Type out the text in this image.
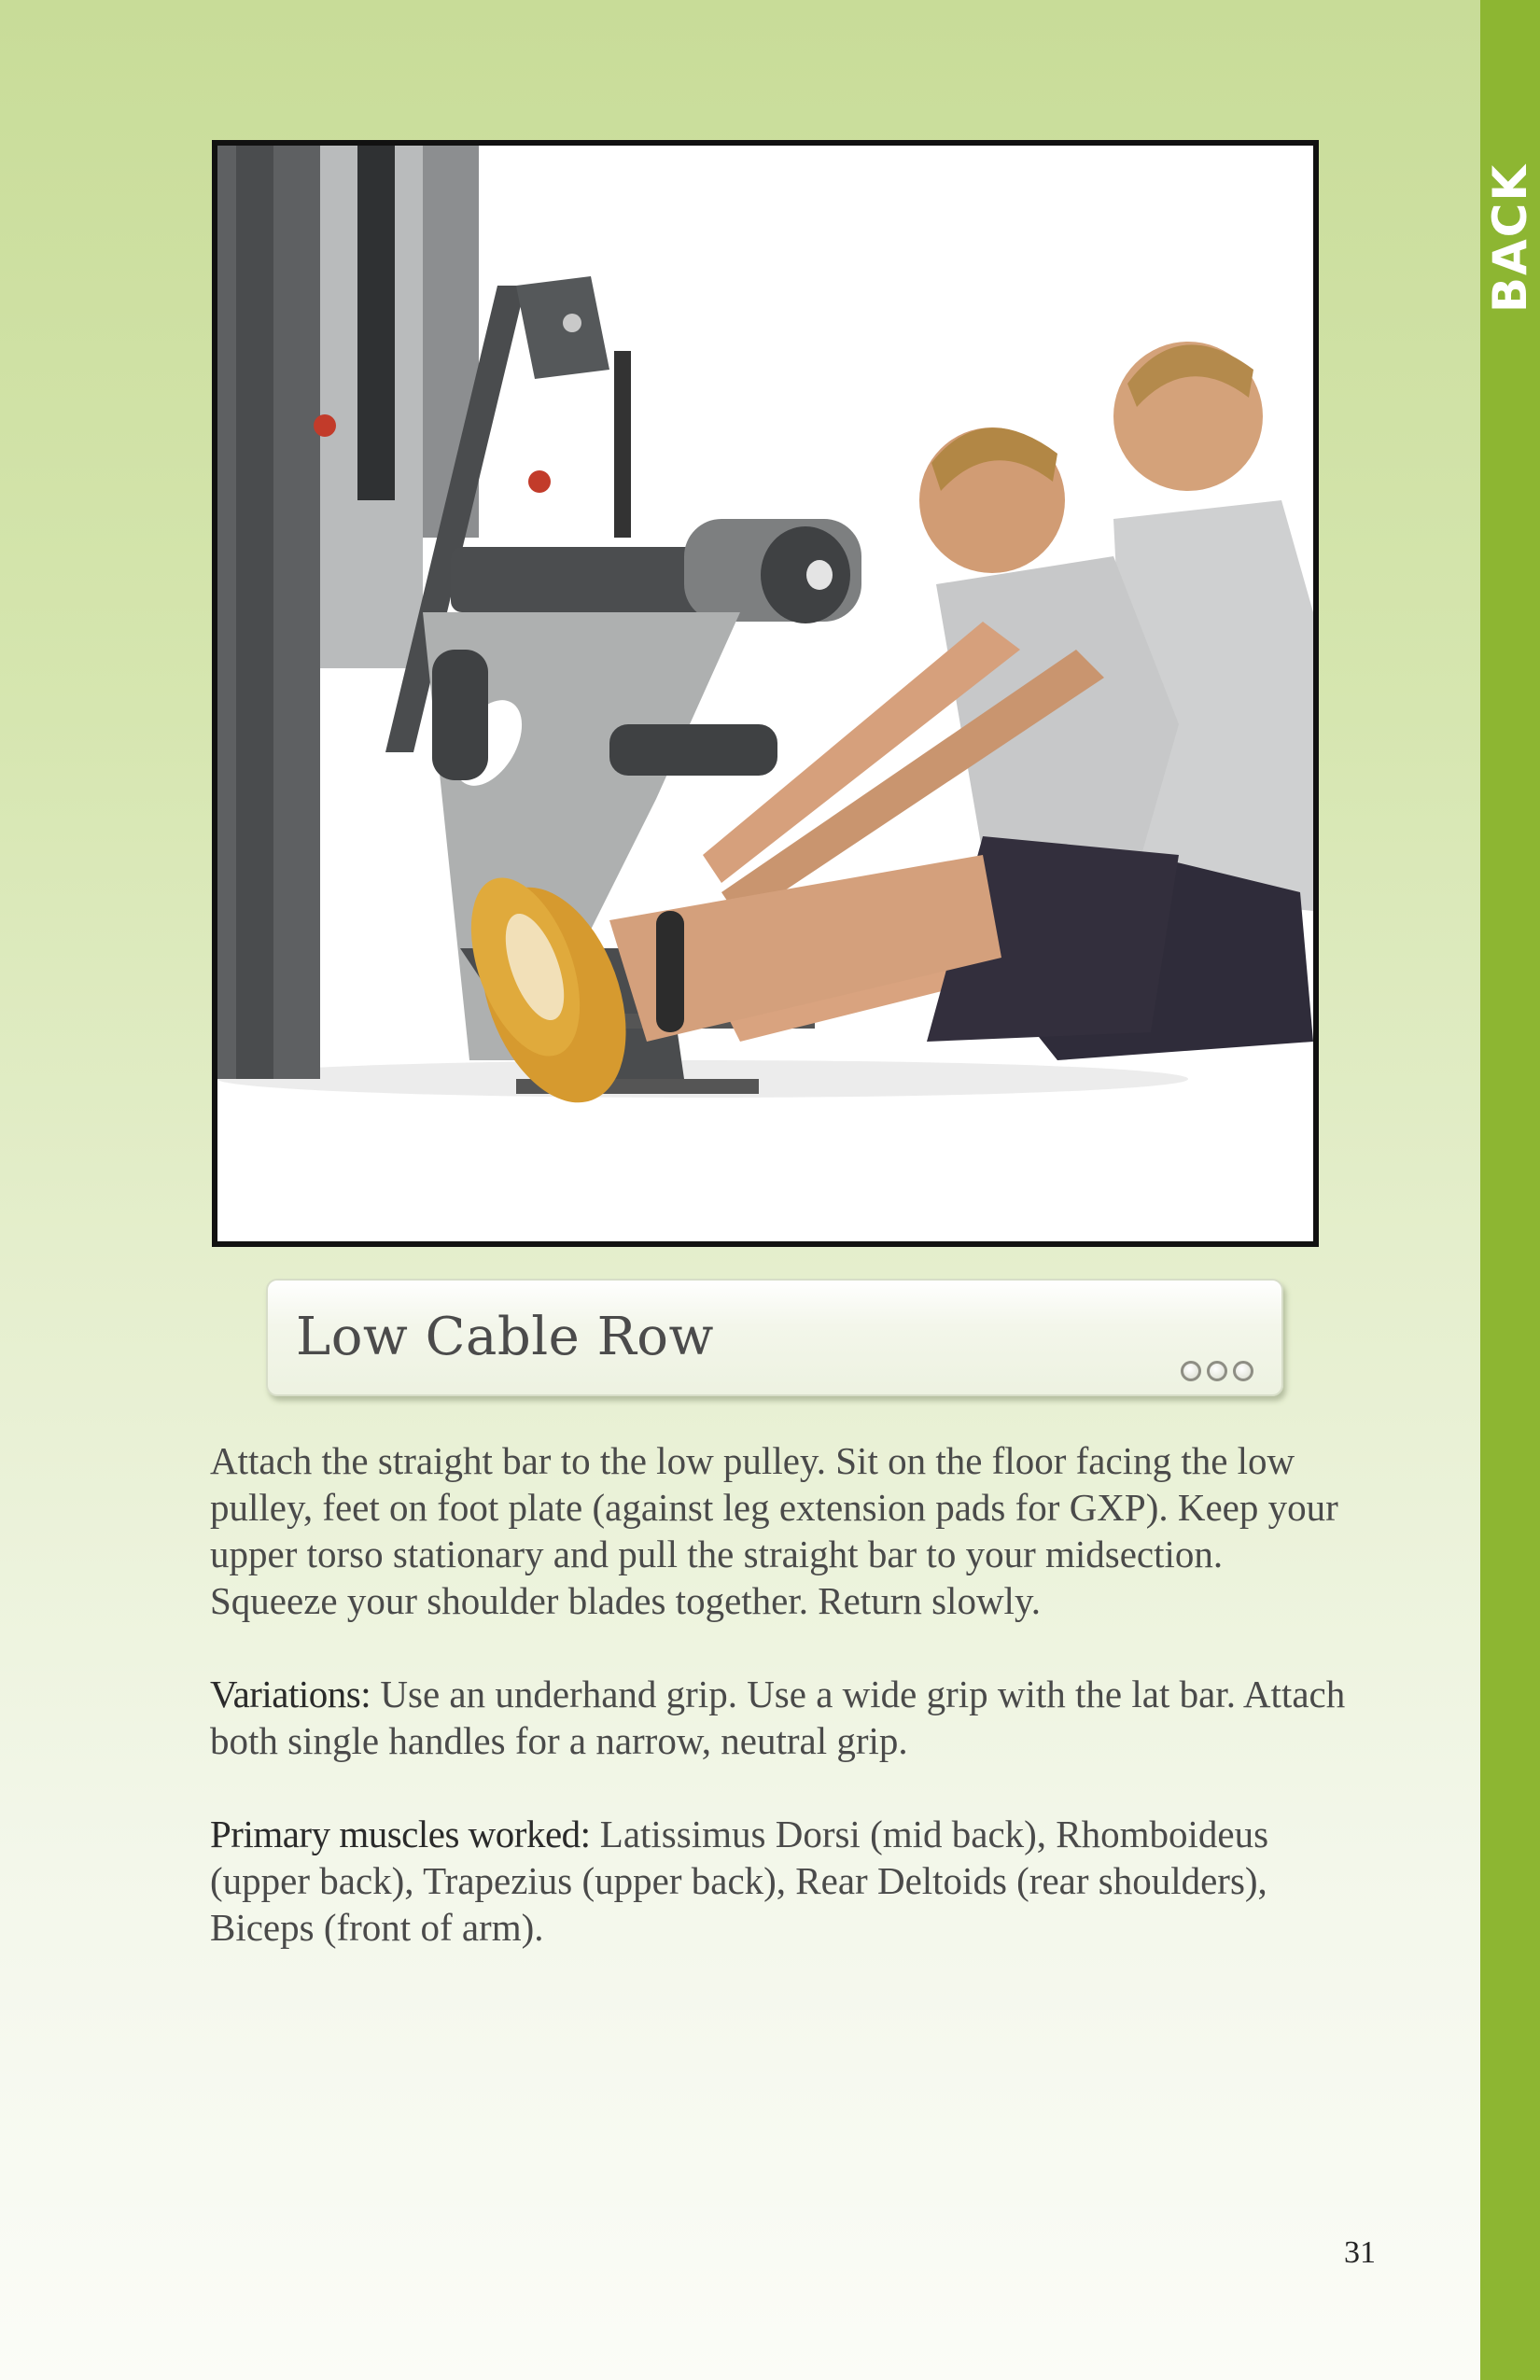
BACK
Low Cable Row
Attach the straight bar to the low pulley. Sit on the floor facing the low pulley, feet on foot plate (against leg extension pads for GXP). Keep your upper torso stationary and pull the straight bar to your midsection. Squeeze your shoulder blades together. Return slowly.
Variations: Use an underhand grip. Use a wide grip with the lat bar. Attach both single handles for a narrow, neutral grip.
Primary muscles worked: Latissimus Dorsi (mid back), Rhomboideus (upper back), Trapezius (upper back), Rear Deltoids (rear shoulders), Biceps (front of arm).
31
